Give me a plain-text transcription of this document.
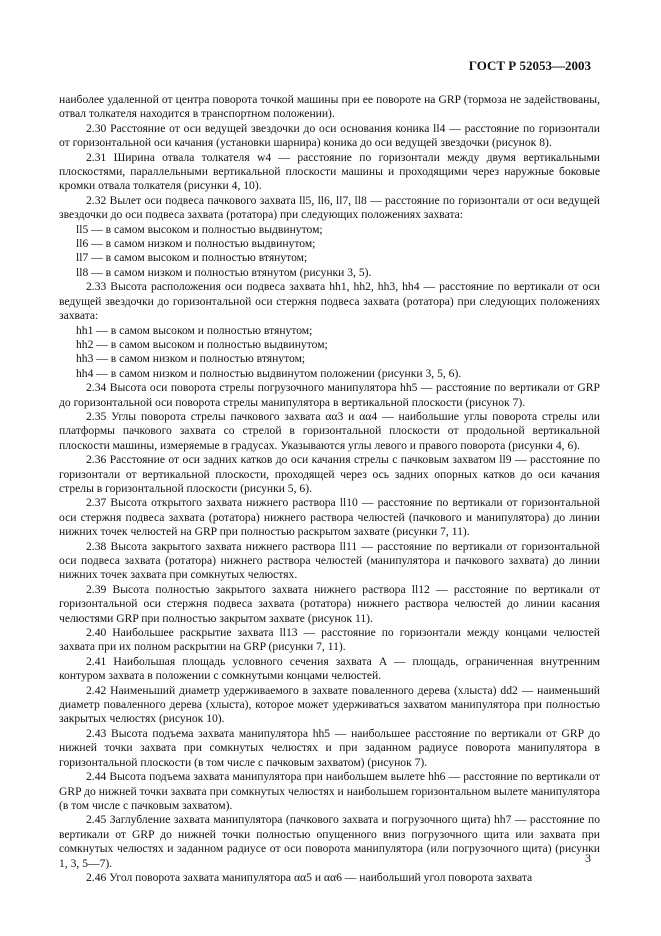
ГОСТ Р 52053—2003

наиболее удаленной от центра поворота точкой машины при ее повороте на GRP (тормоза не задействованы, отвал толкателя находится в транспортном положении).

2.30 Расстояние от оси ведущей звездочки до оси основания коника ll4 — расстояние по горизонтали от горизонтальной оси качания (установки шарнира) коника до оси ведущей звездочки (рисунок 8).

2.31 Ширина отвала толкателя w4 — расстояние по горизонтали между двумя вертикальными плоскостями, параллельными вертикальной плоскости машины и проходящими через наружные боковые кромки отвала толкателя (рисунки 4, 10).

2.32 Вылет оси подвеса пачкового захвата ll5, ll6, ll7, ll8 — расстояние по горизонтали от оси ведущей звездочки до оси подвеса захвата (ротатора) при следующих положениях захвата:

ll5 — в самом высоком и полностью выдвинутом;

ll6 — в самом низком и полностью выдвинутом;

ll7 — в самом высоком и полностью втянутом;

ll8 — в самом низком и полностью втянутом (рисунки 3, 5).

2.33 Высота расположения оси подвеса захвата hh1, hh2, hh3, hh4 — расстояние по вертикали от оси ведущей звездочки до горизонтальной оси стержня подвеса захвата (ротатора) при следующих положениях захвата:

hh1 — в самом высоком и полностью втянутом;

hh2 — в самом высоком и полностью выдвинутом;

hh3 — в самом низком и полностью втянутом;

hh4 — в самом низком и полностью выдвинутом положении (рисунки 3, 5, 6).

2.34 Высота оси поворота стрелы погрузочного манипулятора hh5 — расстояние по вертикали от GRP до горизонтальной оси поворота стрелы манипулятора в вертикальной плоскости (рисунок 7).

2.35 Углы поворота стрелы пачкового захвата αα3 и αα4 — наибольшие углы поворота стрелы или платформы пачкового захвата со стрелой в горизонтальной плоскости от продольной вертикальной плоскости машины, измеряемые в градусах. Указываются углы левого и правого поворота (рисунки 4, 6).

2.36 Расстояние от оси задних катков до оси качания стрелы с пачковым захватом ll9 — расстояние по горизонтали от вертикальной плоскости, проходящей через ось задних опорных катков до оси качания стрелы в горизонтальной плоскости (рисунки 5, 6).

2.37 Высота открытого захвата нижнего раствора ll10 — расстояние по вертикали от горизонтальной оси стержня подвеса захвата (ротатора) нижнего раствора челюстей (пачкового и манипулятора) до линии нижних точек челюстей на GRP при полностью раскрытом захвате (рисунки 7, 11).

2.38 Высота закрытого захвата нижнего раствора ll11 — расстояние по вертикали от горизонтальной оси подвеса захвата (ротатора) нижнего раствора челюстей (манипулятора и пачкового захвата) до линии нижних точек захвата при сомкнутых челюстях.

2.39 Высота полностью закрытого захвата нижнего раствора ll12 — расстояние по вертикали от горизонтальной оси стержня подвеса захвата (ротатора) нижнего раствора челюстей до линии касания челюстями GRP при полностью закрытом захвате (рисунок 11).

2.40 Наибольшее раскрытие захвата ll13 — расстояние по горизонтали между концами челюстей захвата при их полном раскрытии на GRP (рисунки 7, 11).

2.41 Наибольшая площадь условного сечения захвата A — площадь, ограниченная внутренним контуром захвата в положении с сомкнутыми концами челюстей.

2.42 Наименьший диаметр удерживаемого в захвате поваленного дерева (хлыста) dd2 — наименьший диаметр поваленного дерева (хлыста), которое может удерживаться захватом манипулятора при полностью закрытых челюстях (рисунок 10).

2.43 Высота подъема захвата манипулятора hh5 — наибольшее расстояние по вертикали от GRP до нижней точки захвата при сомкнутых челюстях и при заданном радиусе поворота манипулятора в горизонтальной плоскости (в том числе с пачковым захватом) (рисунок 7).

2.44 Высота подъема захвата манипулятора при наибольшем вылете hh6 — расстояние по вертикали от GRP до нижней точки захвата при сомкнутых челюстях и наибольшем горизонтальном вылете манипулятора (в том числе с пачковым захватом).

2.45 Заглубление захвата манипулятора (пачкового захвата и погрузочного щита) hh7 — расстояние по вертикали от GRP до нижней точки полностью опущенного вниз погрузочного щита или захвата при сомкнутых челюстях и заданном радиусе от оси поворота манипулятора (или погрузочного щита) (рисунки 1, 3, 5—7).

2.46 Угол поворота захвата манипулятора αα5 и αα6 — наибольший угол поворота захвата

3
